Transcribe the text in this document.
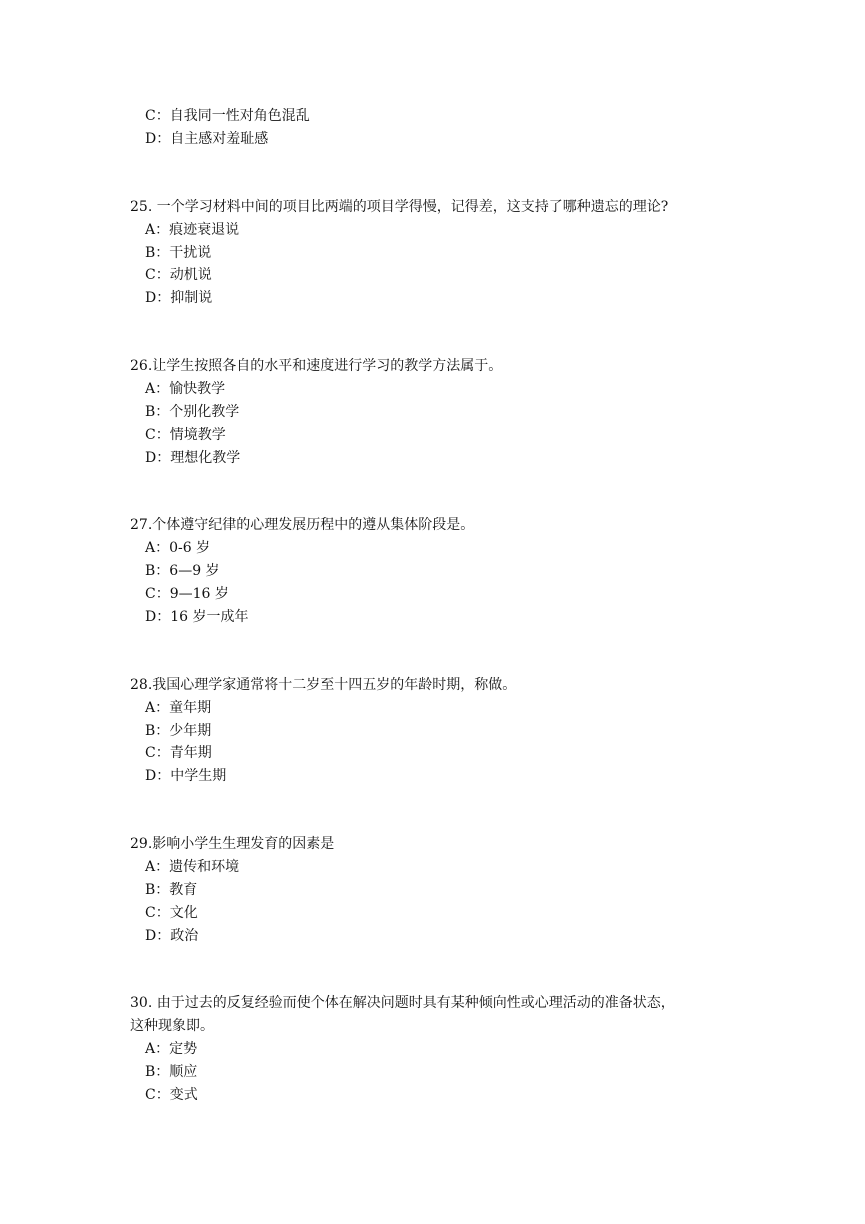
C：自我同一性对角色混乱
D：自主感对羞耻感
25. 一个学习材料中间的项目比两端的项目学得慢，记得差，这支持了哪种遗忘的理论?
A：痕迹衰退说
B：干扰说
C：动机说
D：抑制说
26.让学生按照各自的水平和速度进行学习的教学方法属于。
A：愉快教学
B：个别化教学
C：情境教学
D：理想化教学
27.个体遵守纪律的心理发展历程中的遵从集体阶段是。
A：0-6 岁
B：6—9 岁
C：9—16 岁
D：16 岁一成年
28.我国心理学家通常将十二岁至十四五岁的年龄时期，称做。
A：童年期
B：少年期
C：青年期
D：中学生期
29.影响小学生生理发育的因素是
A：遗传和环境
B：教育
C：文化
D：政治
30. 由于过去的反复经验而使个体在解决问题时具有某种倾向性或心理活动的准备状态，
这种现象即。
A：定势
B：顺应
C：变式
